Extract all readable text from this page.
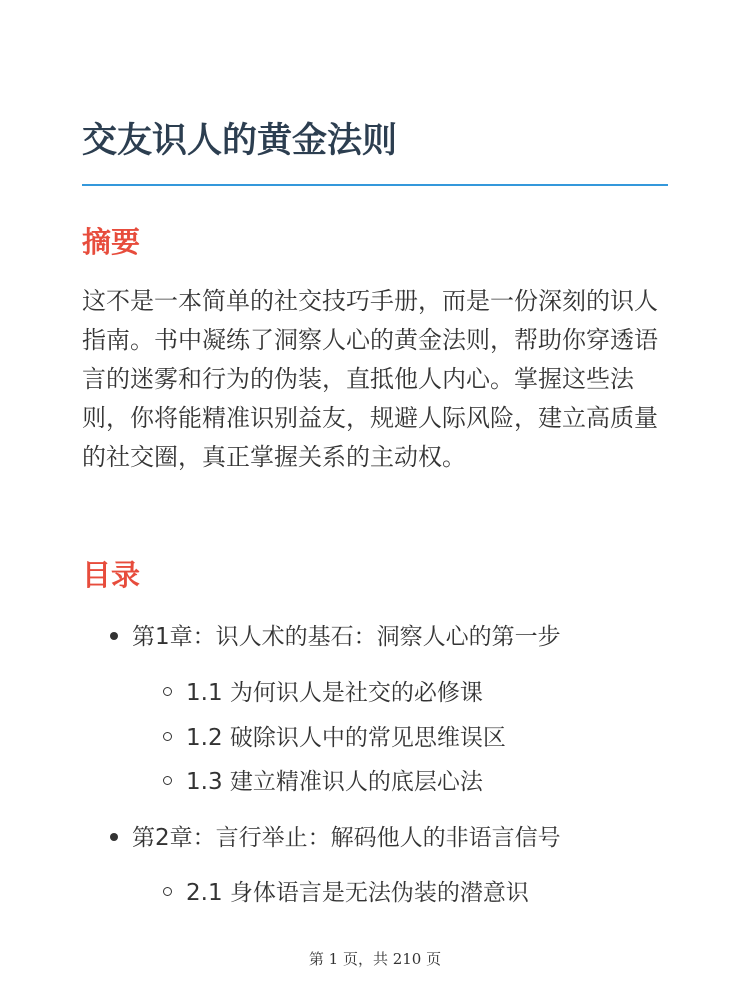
交友识人的黄金法则
摘要

这不是一本简单的社交技巧手册，而是一份深刻的识人指南。书中凝练了洞察人心的黄金法则，帮助你穿透语言的迷雾和行为的伪装，直抵他人内心。掌握这些法则，你将能精准识别益友，规避人际风险，建立高质量的社交圈，真正掌握关系的主动权。

目录
第1章：识人术的基石：洞察人心的第一步
1.1 为何识人是社交的必修课
1.2 破除识人中的常见思维误区
1.3 建立精准识人的底层心法
第2章：言行举止：解码他人的非语言信号
2.1 身体语言是无法伪装的潜意识
第 1 页，共 210 页
